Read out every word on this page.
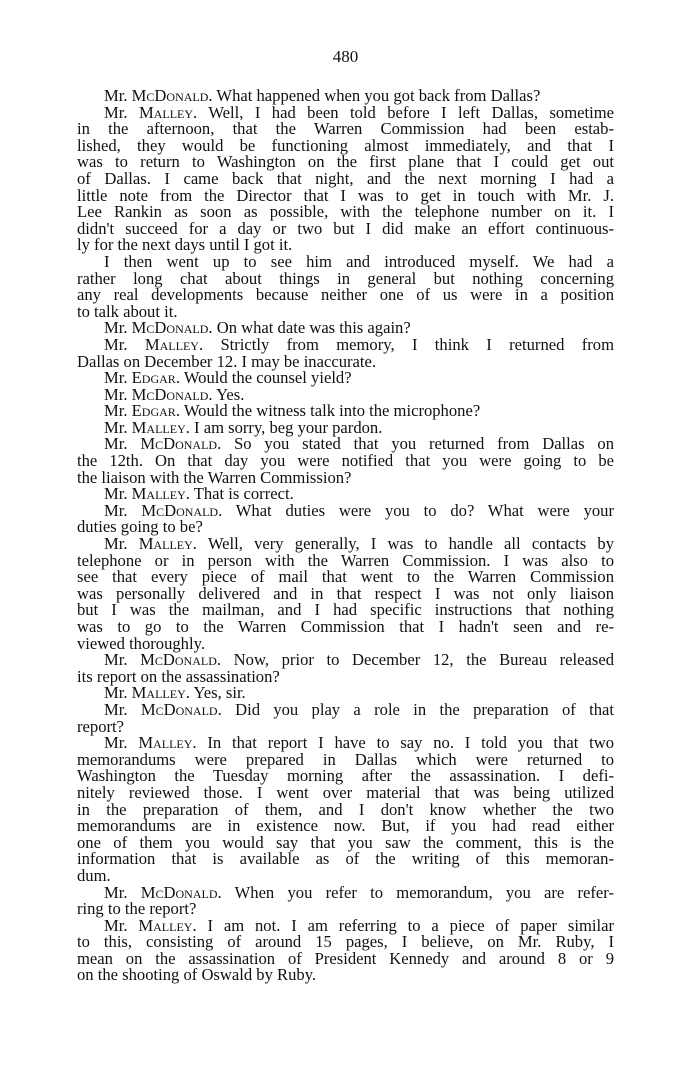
480
Mr. McDonald. What happened when you got back from Dallas?
Mr. Malley. Well, I had been told before I left Dallas, sometime
in the afternoon, that the Warren Commission had been estab-
lished, they would be functioning almost immediately, and that I
was to return to Washington on the first plane that I could get out
of Dallas. I came back that night, and the next morning I had a
little note from the Director that I was to get in touch with Mr. J.
Lee Rankin as soon as possible, with the telephone number on it. I
didn't succeed for a day or two but I did make an effort continuous-
ly for the next days until I got it.
I then went up to see him and introduced myself. We had a
rather long chat about things in general but nothing concerning
any real developments because neither one of us were in a position
to talk about it.
Mr. McDonald. On what date was this again?
Mr. Malley. Strictly from memory, I think I returned from
Dallas on December 12. I may be inaccurate.
Mr. Edgar. Would the counsel yield?
Mr. McDonald. Yes.
Mr. Edgar. Would the witness talk into the microphone?
Mr. Malley. I am sorry, beg your pardon.
Mr. McDonald. So you stated that you returned from Dallas on
the 12th. On that day you were notified that you were going to be
the liaison with the Warren Commission?
Mr. Malley. That is correct.
Mr. McDonald. What duties were you to do? What were your
duties going to be?
Mr. Malley. Well, very generally, I was to handle all contacts by
telephone or in person with the Warren Commission. I was also to
see that every piece of mail that went to the Warren Commission
was personally delivered and in that respect I was not only liaison
but I was the mailman, and I had specific instructions that nothing
was to go to the Warren Commission that I hadn't seen and re-
viewed thoroughly.
Mr. McDonald. Now, prior to December 12, the Bureau released
its report on the assassination?
Mr. Malley. Yes, sir.
Mr. McDonald. Did you play a role in the preparation of that
report?
Mr. Malley. In that report I have to say no. I told you that two
memorandums were prepared in Dallas which were returned to
Washington the Tuesday morning after the assassination. I defi-
nitely reviewed those. I went over material that was being utilized
in the preparation of them, and I don't know whether the two
memorandums are in existence now. But, if you had read either
one of them you would say that you saw the comment, this is the
information that is available as of the writing of this memoran-
dum.
Mr. McDonald. When you refer to memorandum, you are refer-
ring to the report?
Mr. Malley. I am not. I am referring to a piece of paper similar
to this, consisting of around 15 pages, I believe, on Mr. Ruby, I
mean on the assassination of President Kennedy and around 8 or 9
on the shooting of Oswald by Ruby.
